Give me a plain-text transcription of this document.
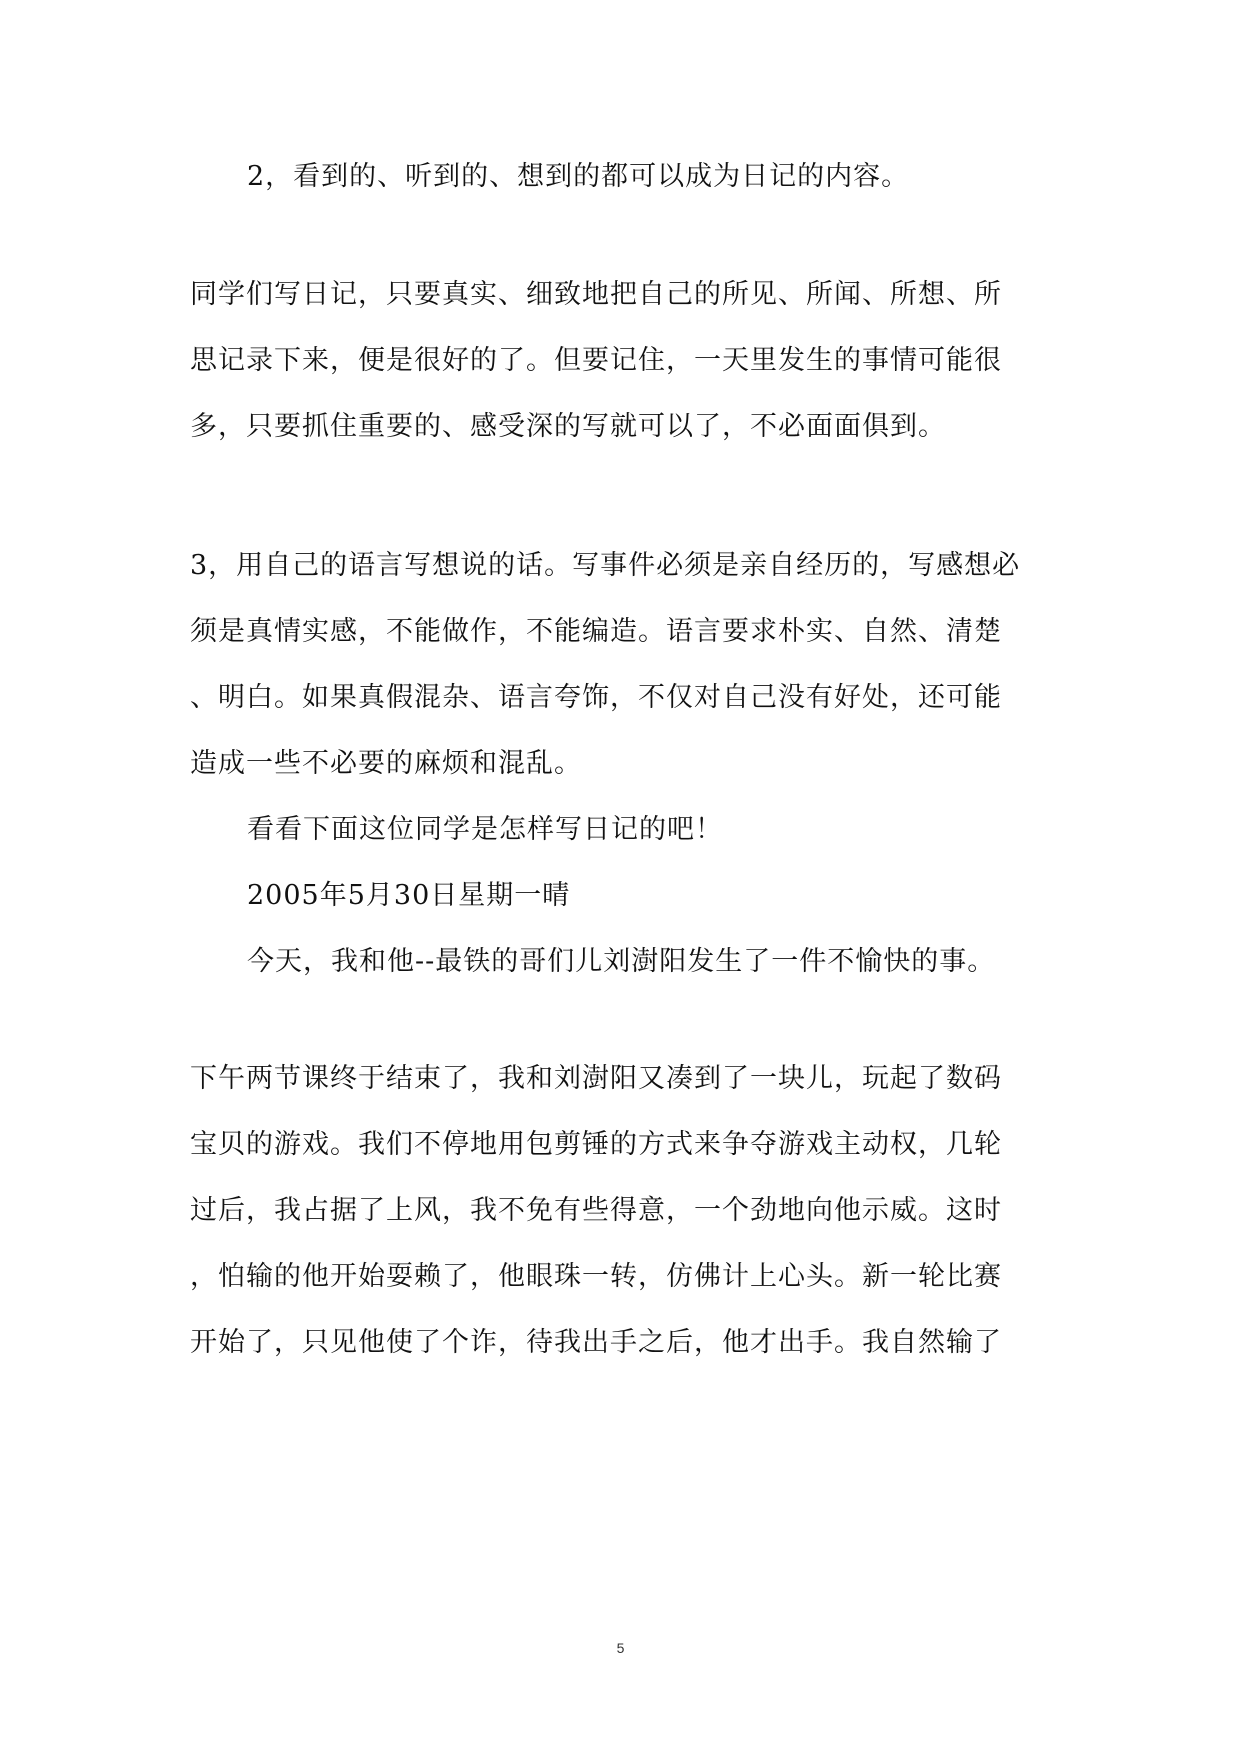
2，看到的、听到的、想到的都可以成为日记的内容。
同学们写日记，只要真实、细致地把自己的所见、所闻、所想、所
思记录下来，便是很好的了。但要记住，一天里发生的事情可能很
多，只要抓住重要的、感受深的写就可以了，不必面面俱到。
3，用自己的语言写想说的话。写事件必须是亲自经历的，写感想必
须是真情实感，不能做作，不能编造。语言要求朴实、自然、清楚
、明白。如果真假混杂、语言夸饰，不仅对自己没有好处，还可能
造成一些不必要的麻烦和混乱。
看看下面这位同学是怎样写日记的吧！
2005年5月30日星期一晴
今天，我和他--最铁的哥们儿刘澍阳发生了一件不愉快的事。
下午两节课终于结束了，我和刘澍阳又凑到了一块儿，玩起了数码
宝贝的游戏。我们不停地用包剪锤的方式来争夺游戏主动权，几轮
过后，我占据了上风，我不免有些得意，一个劲地向他示威。这时
，怕输的他开始耍赖了，他眼珠一转，仿佛计上心头。新一轮比赛
开始了，只见他使了个诈，待我出手之后，他才出手。我自然输了
5
